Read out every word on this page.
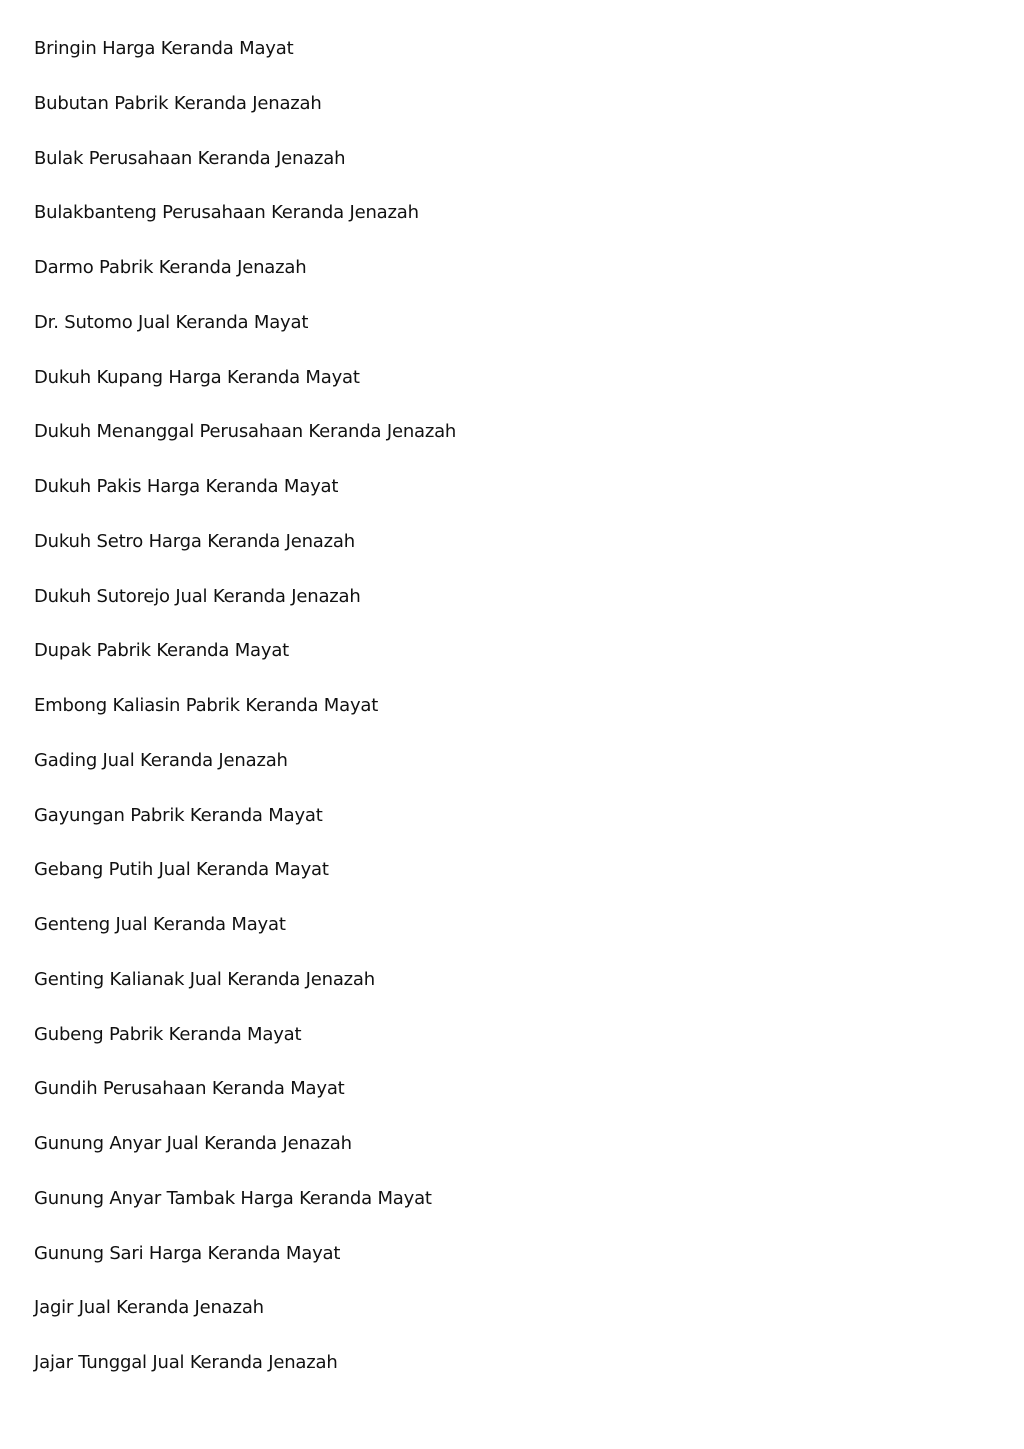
Bringin Harga Keranda Mayat
Bubutan Pabrik Keranda Jenazah
Bulak Perusahaan Keranda Jenazah
Bulakbanteng Perusahaan Keranda Jenazah
Darmo Pabrik Keranda Jenazah
Dr. Sutomo Jual Keranda Mayat
Dukuh Kupang Harga Keranda Mayat
Dukuh Menanggal Perusahaan Keranda Jenazah
Dukuh Pakis Harga Keranda Mayat
Dukuh Setro Harga Keranda Jenazah
Dukuh Sutorejo Jual Keranda Jenazah
Dupak Pabrik Keranda Mayat
Embong Kaliasin Pabrik Keranda Mayat
Gading Jual Keranda Jenazah
Gayungan Pabrik Keranda Mayat
Gebang Putih Jual Keranda Mayat
Genteng Jual Keranda Mayat
Genting Kalianak Jual Keranda Jenazah
Gubeng Pabrik Keranda Mayat
Gundih Perusahaan Keranda Mayat
Gunung Anyar Jual Keranda Jenazah
Gunung Anyar Tambak Harga Keranda Mayat
Gunung Sari Harga Keranda Mayat
Jagir Jual Keranda Jenazah
Jajar Tunggal Jual Keranda Jenazah
